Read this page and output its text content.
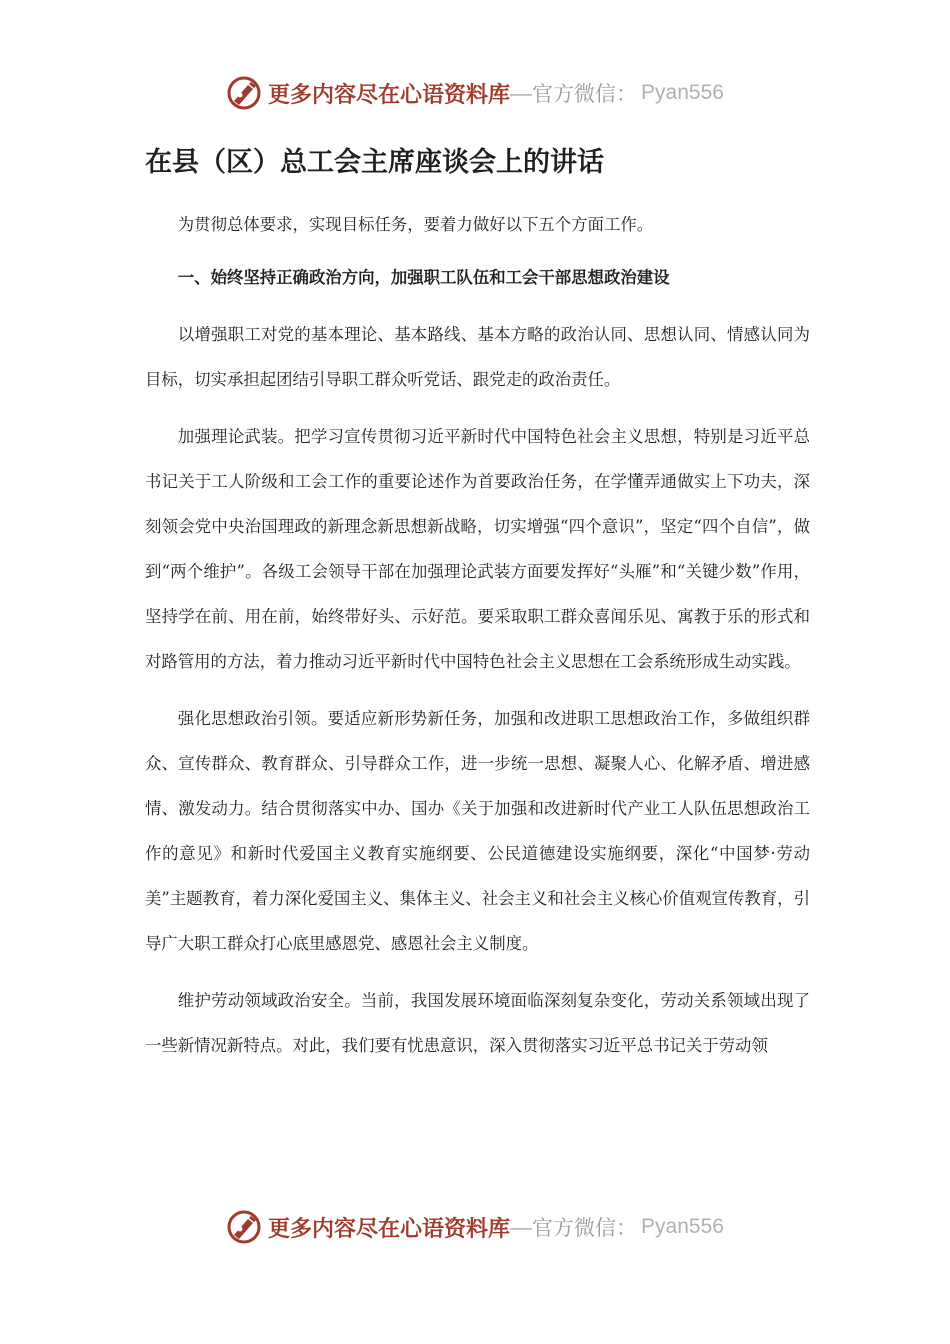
更多内容尽在心语资料库 — 官方微信： Pyan556
在县（区）总工会主席座谈会上的讲话

为贯彻总体要求，实现目标任务，要着力做好以下五个方面工作。

一、始终坚持正确政治方向，加强职工队伍和工会干部思想政治建设

以增强职工对党的基本理论、基本路线、基本方略的政治认同、思想认同、情感认同为目标，切实承担起团结引导职工群众听党话、跟党走的政治责任。

加强理论武装。把学习宣传贯彻习近平新时代中国特色社会主义思想，特别是习近平总书记关于工人阶级和工会工作的重要论述作为首要政治任务，在学懂弄通做实上下功夫，深刻领会党中央治国理政的新理念新思想新战略，切实增强“四个意识”，坚定“四个自信”，做到“两个维护”。各级工会领导干部在加强理论武装方面要发挥好“头雁”和“关键少数”作用，坚持学在前、用在前，始终带好头、示好范。要采取职工群众喜闻乐见、寓教于乐的形式和对路管用的方法，着力推动习近平新时代中国特色社会主义思想在工会系统形成生动实践。

强化思想政治引领。要适应新形势新任务，加强和改进职工思想政治工作，多做组织群众、宣传群众、教育群众、引导群众工作，进一步统一思想、凝聚人心、化解矛盾、增进感情、激发动力。结合贯彻落实中办、国办《关于加强和改进新时代产业工人队伍思想政治工作的意见》和新时代爱国主义教育实施纲要、公民道德建设实施纲要，深化“中国梦·劳动美”主题教育，着力深化爱国主义、集体主义、社会主义和社会主义核心价值观宣传教育，引导广大职工群众打心底里感恩党、感恩社会主义制度。

维护劳动领域政治安全。当前，我国发展环境面临深刻复杂变化，劳动关系领域出现了一些新情况新特点。对此，我们要有忧患意识，深入贯彻落实习近平总书记关于劳动领

更多内容尽在心语资料库 — 官方微信： Pyan556
